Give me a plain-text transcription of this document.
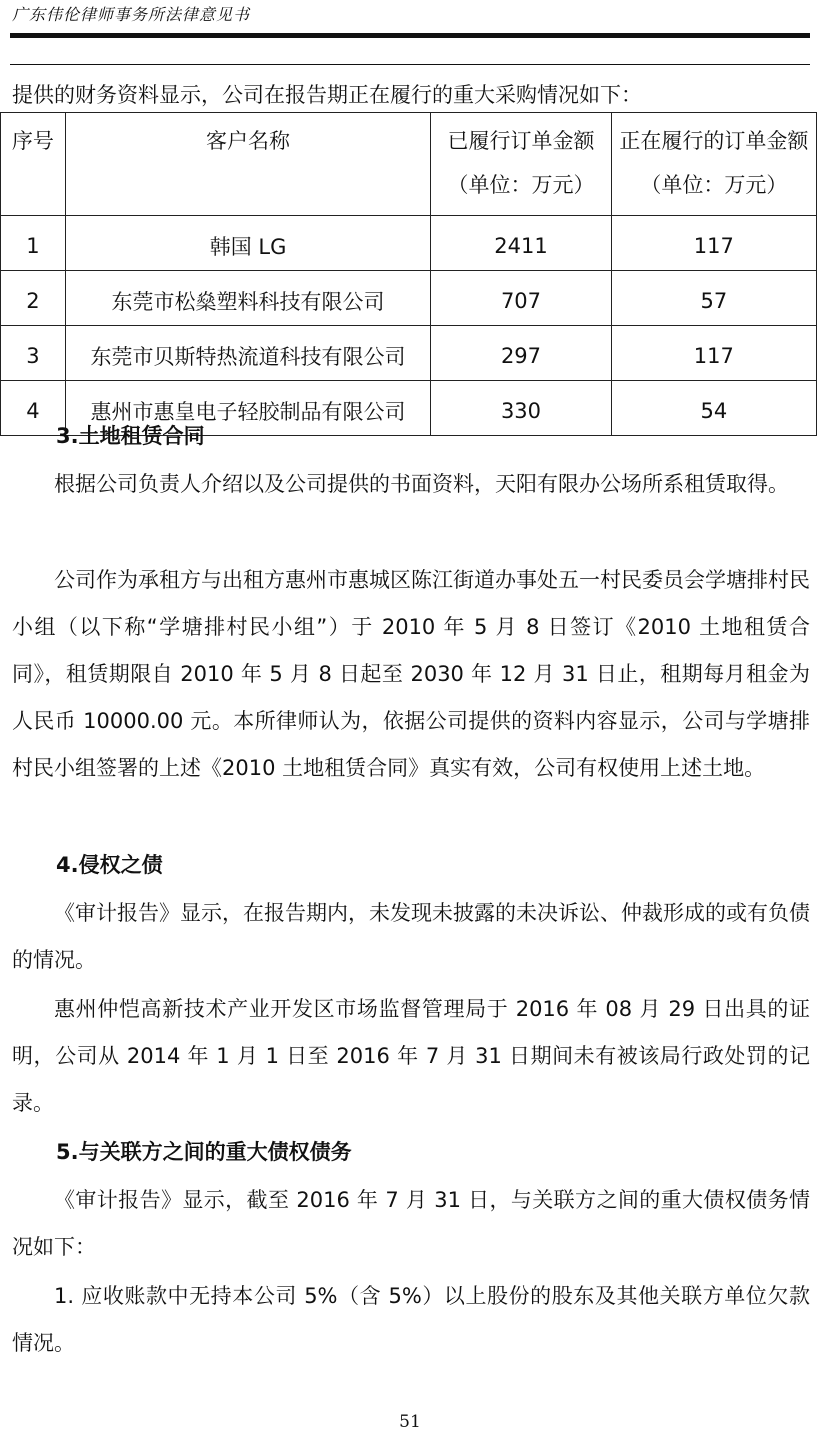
广东伟伦律师事务所法律意见书

提供的财务资料显示，公司在报告期正在履行的重大采购情况如下：

序号	客户名称	已履行订单金额（单位：万元）	正在履行的订单金额（单位：万元）
1	韩国 LG	2411	117
2	东莞市松燊塑料科技有限公司	707	57
3	东莞市贝斯特热流道科技有限公司	297	117
4	惠州市惠皇电子轻胶制品有限公司	330	54
3.土地租赁合同

根据公司负责人介绍以及公司提供的书面资料，天阳有限办公场所系租赁取得。

公司作为承租方与出租方惠州市惠城区陈江街道办事处五一村民委员会学塘排村民小组（以下称“学塘排村民小组”）于 2010 年 5 月 8 日签订《2010 土地租赁合同》，租赁期限自 2010 年 5 月 8 日起至 2030 年 12 月 31 日止，租期每月租金为人民币 10000.00 元。本所律师认为，依据公司提供的资料内容显示，公司与学塘排村民小组签署的上述《2010 土地租赁合同》真实有效，公司有权使用上述土地。

4.侵权之债

《审计报告》显示，在报告期内，未发现未披露的未决诉讼、仲裁形成的或有负债的情况。

惠州仲恺高新技术产业开发区市场监督管理局于 2016 年 08 月 29 日出具的证明，公司从 2014 年 1 月 1 日至 2016 年 7 月 31 日期间未有被该局行政处罚的记录。

5.与关联方之间的重大债权债务

《审计报告》显示，截至 2016 年 7 月 31 日，与关联方之间的重大债权债务情况如下：

1. 应收账款中无持本公司 5%（含 5%）以上股份的股东及其他关联方单位欠款情况。

51
